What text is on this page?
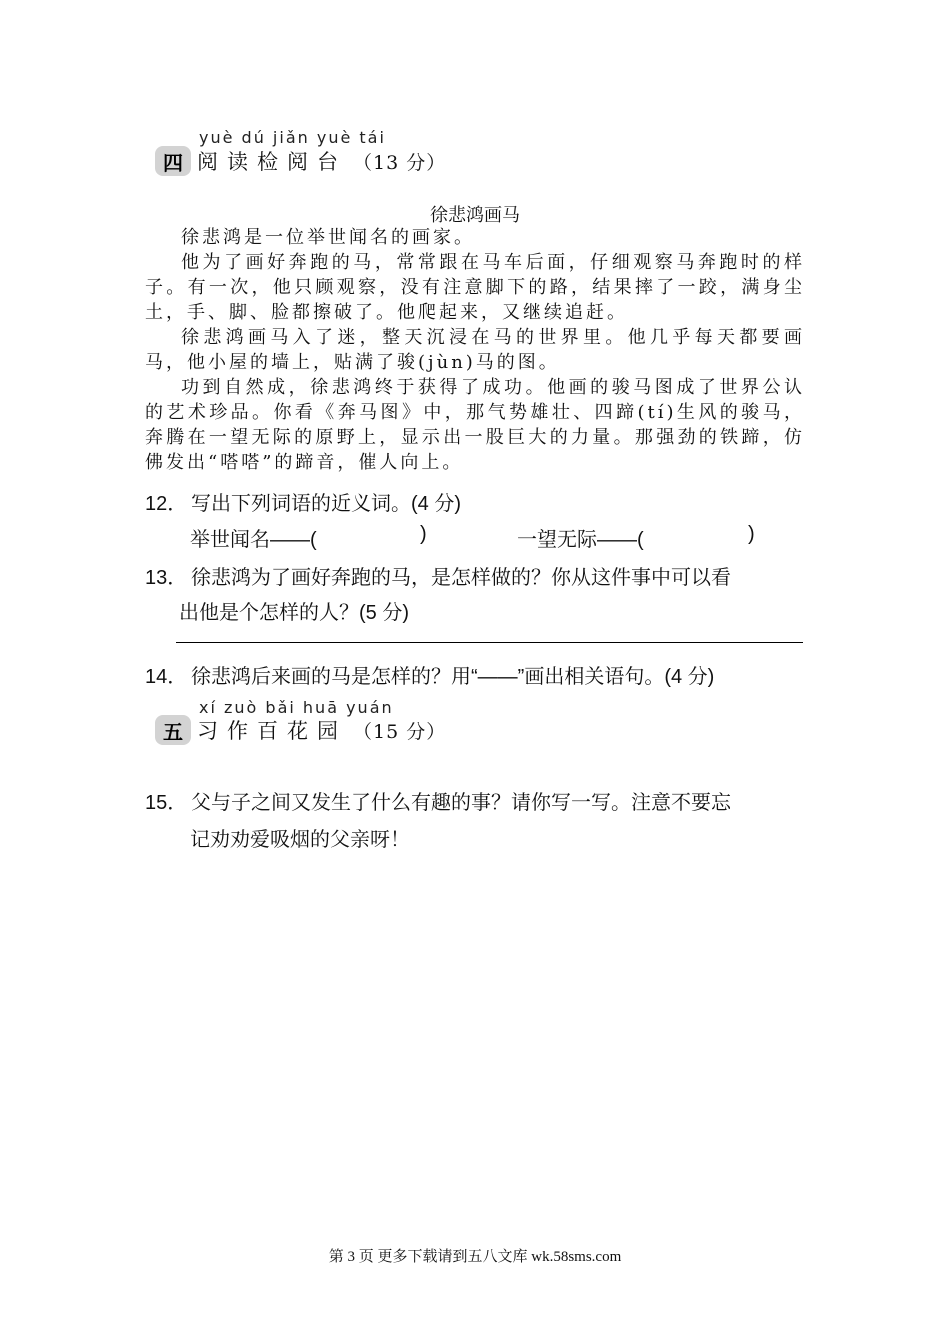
yuè dú jiǎn yuè tái
四 阅读检阅台 （13 分）
徐悲鸿画马

徐悲鸿是一位举世闻名的画家。

他为了画好奔跑的马，常常跟在马车后面，仔细观察马奔跑时的样子。有一次，他只顾观察，没有注意脚下的路，结果摔了一跤，满身尘土，手、脚、脸都擦破了。他爬起来，又继续追赶。

徐悲鸿画马入了迷，整天沉浸在马的世界里。他几乎每天都要画马，他小屋的墙上，贴满了骏(jùn)马的图。

功到自然成，徐悲鸿终于获得了成功。他画的骏马图成了世界公认的艺术珍品。你看《奔马图》中，那气势雄壮、四蹄(tí)生风的骏马，奔腾在一望无际的原野上，显示出一股巨大的力量。那强劲的铁蹄，仿佛发出“嗒嗒”的蹄音，催人向上。

12． 写出下列词语的近义词。(4 分)
举世闻名——(	)	一望无际——(	)
13． 徐悲鸿为了画好奔跑的马，是怎样做的？你从这件事中可以看
出他是个怎样的人？(5 分)
14． 徐悲鸿后来画的马是怎样的？用“——”画出相关语句。(4 分)
xí zuò bǎi huā yuán
五 习作百花园 （15 分）
15． 父与子之间又发生了什么有趣的事？请你写一写。注意不要忘
记劝劝爱吸烟的父亲呀！
第 3 页 更多下载请到五八文库 wk.58sms.com
